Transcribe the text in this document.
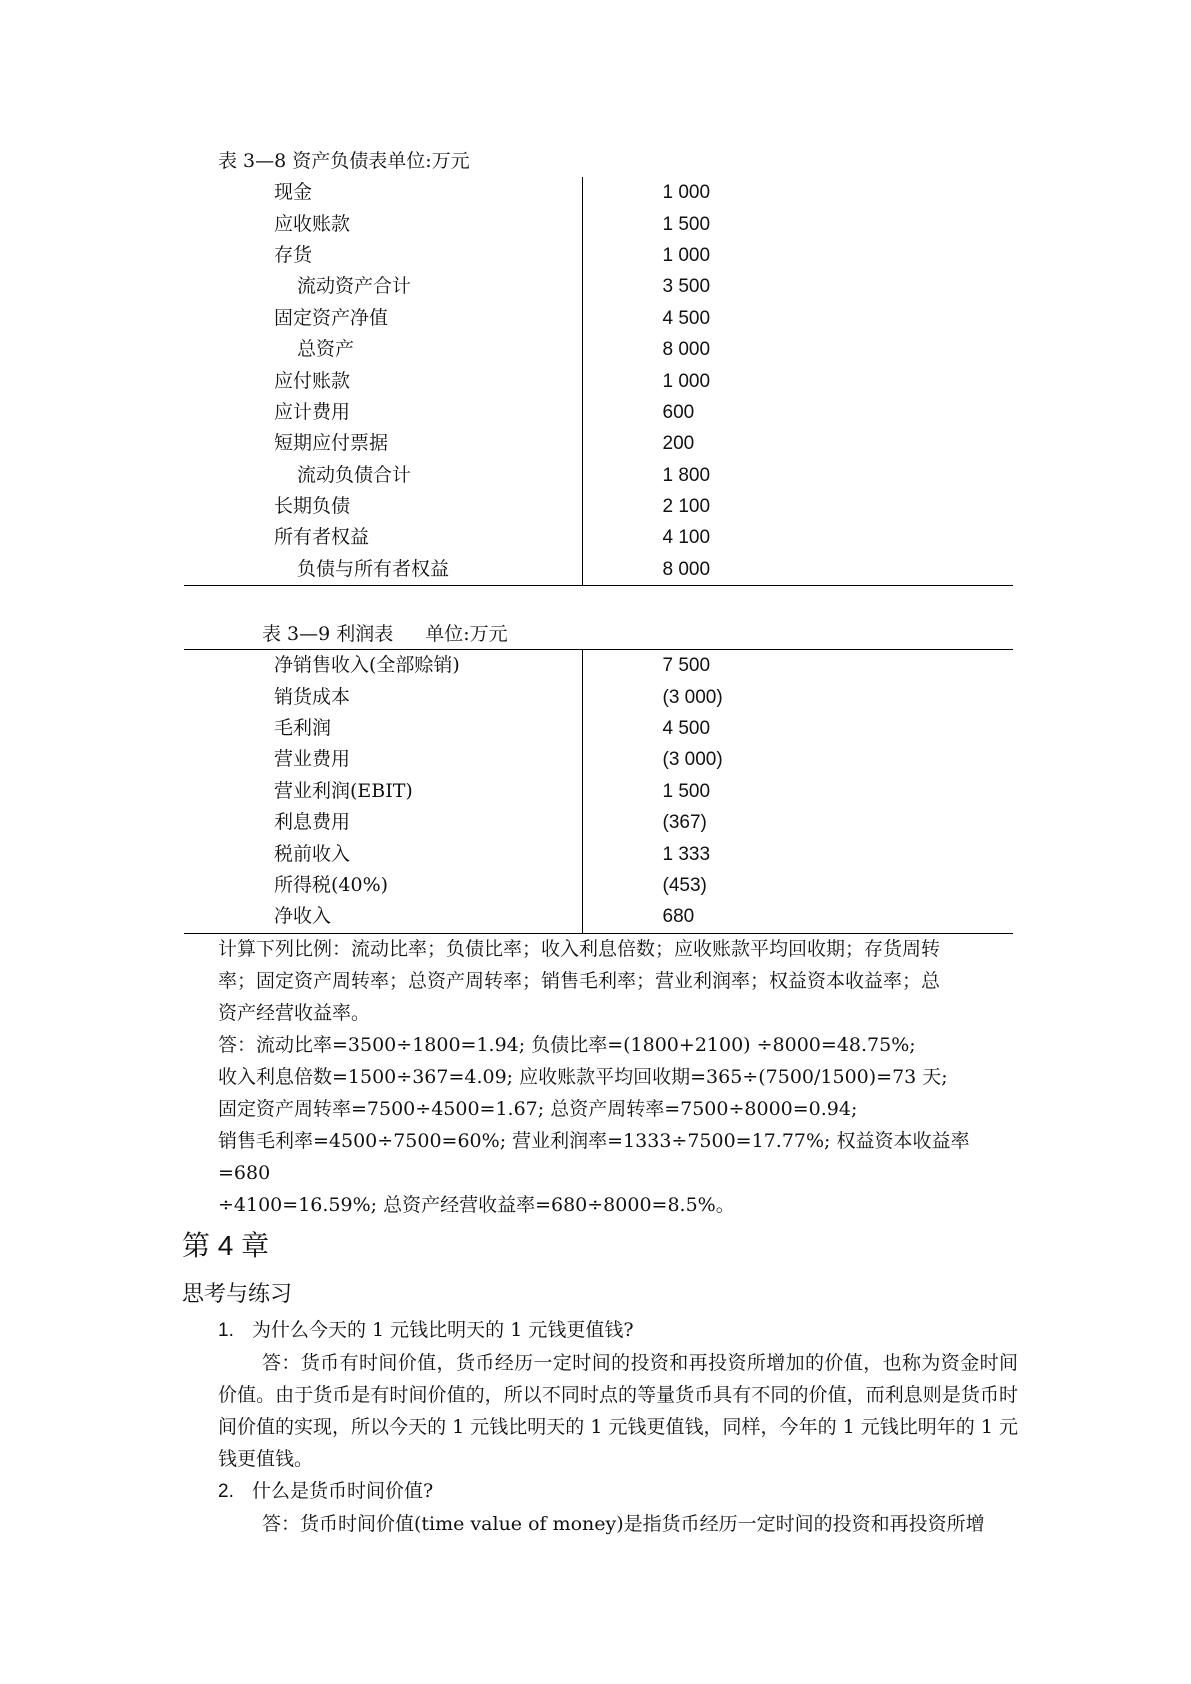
表 3—8 资产负债表单位:万元
现金	1 000
应收账款	1 500
存货	1 000
流动资产合计	3 500
固定资产净值	4 500
总资产	8 000
应付账款	1 000
应计费用	600
短期应付票据	200
流动负债合计	1 800
长期负债	2 100
所有者权益	4 100
负债与所有者权益	8 000
表 3—9 利润表 单位:万元
净销售收入(全部赊销)	7 500
销货成本	(3 000)
毛利润	4 500
营业费用	(3 000)
营业利润(EBIT)	1 500
利息费用	(367)
税前收入	1 333
所得税(40%)	(453)
净收入	680

计算下列比例：流动比率；负债比率；收入利息倍数；应收账款平均回收期；存货周转

率；固定资产周转率；总资产周转率；销售毛利率；营业利润率；权益资本收益率；总

资产经营收益率。

答：流动比率=3500÷1800=1.94; 负债比率=(1800+2100) ÷8000=48.75%;

收入利息倍数=1500÷367=4.09; 应收账款平均回收期=365÷(7500/1500)=73 天;

固定资产周转率=7500÷4500=1.67; 总资产周转率=7500÷8000=0.94;

销售毛利率=4500÷7500=60%; 营业利润率=1333÷7500=17.77%; 权益资本收益率=680

÷4100=16.59%; 总资产经营收益率=680÷8000=8.5%。

第 4 章
思考与练习

1. 为什么今天的 1 元钱比明天的 1 元钱更值钱?

答：货币有时间价值，货币经历一定时间的投资和再投资所增加的价值，也称为资金时间价值。由于货币是有时间价值的，所以不同时点的等量货币具有不同的价值，而利息则是货币时间价值的实现，所以今天的 1 元钱比明天的 1 元钱更值钱，同样，今年的 1 元钱比明年的 1 元钱更值钱。

2. 什么是货币时间价值?

答：货币时间价值(time value of money)是指货币经历一定时间的投资和再投资所增
